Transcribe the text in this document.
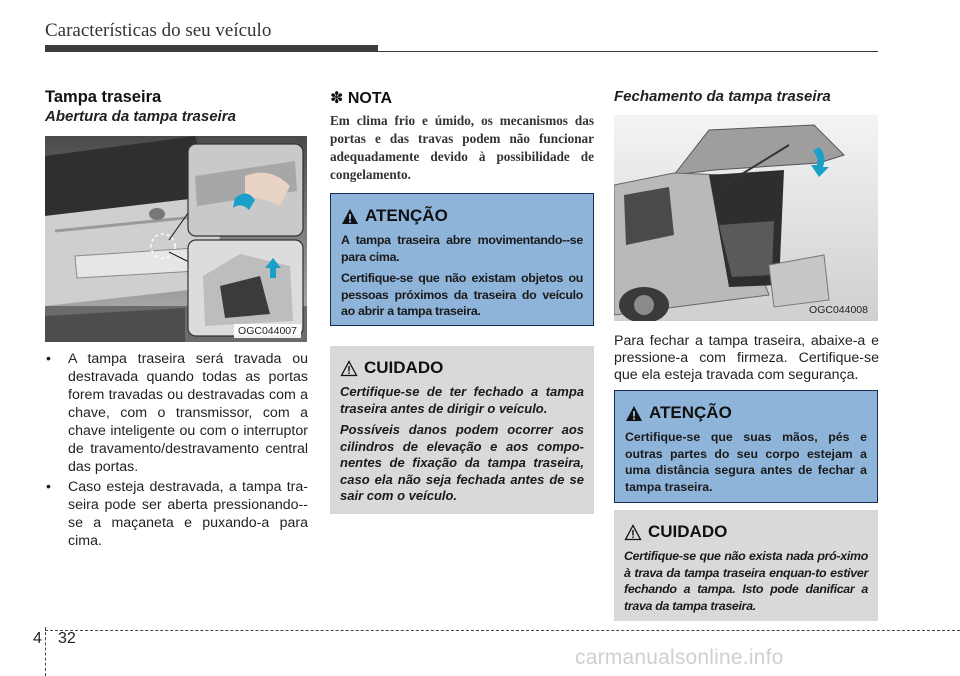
Características do seu veículo
Tampa traseira
Abertura da tampa traseira
OGC044007
• A tampa traseira será travada ou destravada quando todas as portas forem travadas ou destravadas com a chave, com o transmissor, com a chave inteligente ou com o interruptor de travamento/destravamento central das portas.
• Caso esteja destravada, a tampa tra-seira pode ser aberta pressionando--se a maçaneta e puxando-a para cima.
✽ NOTA

Em clima frio e úmido, os mecanismos das portas e das travas podem não funcionar adequadamente devido à possibilidade de congelamento.

ATENÇÃO

A tampa traseira abre movimentando--se para cima.

Certifique-se que não existam objetos ou pessoas próximos da traseira do veículo ao abrir a tampa traseira.

CUIDADO

Certifique-se de ter fechado a tampa traseira antes de dirigir o veículo.

Possíveis danos podem ocorrer aos cilindros de elevação e aos compo-nentes de fixação da tampa traseira, caso ela não seja fechada antes de se sair com o veículo.

Fechamento da tampa traseira
OGC044008

Para fechar a tampa traseira, abaixe-a e pressione-a com firmeza. Certifique-se que ela esteja travada com segurança.

ATENÇÃO

Certifique-se que suas mãos, pés e outras partes do seu corpo estejam a uma distância segura antes de fechar a tampa traseira.

CUIDADO

Certifique-se que não exista nada pró-ximo à trava da tampa traseira enquan-to estiver fechando a tampa. Isto pode danificar a trava da tampa traseira.

4 32
carmanualsonline.info
